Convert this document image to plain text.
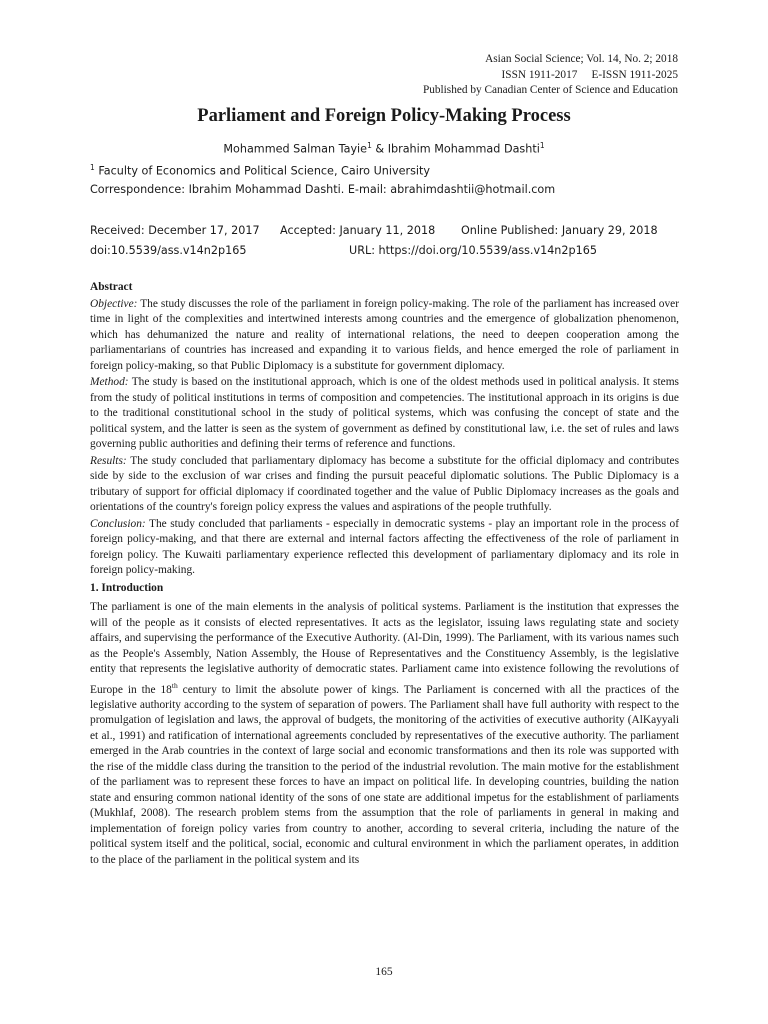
Asian Social Science; Vol. 14, No. 2; 2018
ISSN 1911-2017     E-ISSN 1911-2025
Published by Canadian Center of Science and Education
Parliament and Foreign Policy-Making Process
Mohammed Salman Tayie$^1$ & Ibrahim Mohammad Dashti$^1$
$^1$ Faculty of Economics and Political Science, Cairo University
Correspondence: Ibrahim Mohammad Dashti. E-mail: abrahimdashtii@hotmail.com
Received: December 17, 2017 Accepted: January 11, 2018 Online Published: January 29, 2018
doi:10.5539/ass.v14n2p165	URL: https://doi.org/10.5539/ass.v14n2p165

Abstract

Objective: The study discusses the role of the parliament in foreign policy-making. The role of the parliament has increased over time in light of the complexities and intertwined interests among countries and the emergence of globalization phenomenon, which has dehumanized the nature and reality of international relations, the need to deepen cooperation among the parliamentarians of countries has increased and expanding it to various fields, and hence emerged the role of parliament in foreign policy-making, so that Public Diplomacy is a substitute for government diplomacy.

Method: The study is based on the institutional approach, which is one of the oldest methods used in political analysis. It stems from the study of political institutions in terms of composition and competencies. The institutional approach in its origins is due to the traditional constitutional school in the study of political systems, which was confusing the concept of state and the political system, and the latter is seen as the system of government as defined by constitutional law, i.e. the set of rules and laws governing public authorities and defining their terms of reference and functions.

Results: The study concluded that parliamentary diplomacy has become a substitute for the official diplomacy and contributes side by side to the exclusion of war crises and finding the pursuit peaceful diplomatic solutions. The Public Diplomacy is a tributary of support for official diplomacy if coordinated together and the value of Public Diplomacy increases as the goals and orientations of the country's foreign policy express the values and aspirations of the people truthfully.

Conclusion: The study concluded that parliaments - especially in democratic systems - play an important role in the process of foreign policy-making, and that there are external and internal factors affecting the effectiveness of the role of parliament in foreign policy. The Kuwaiti parliamentary experience reflected this development of parliamentary diplomacy and its role in foreign policy-making.

1. Introduction

The parliament is one of the main elements in the analysis of political systems. Parliament is the institution that expresses the will of the people as it consists of elected representatives. It acts as the legislator, issuing laws regulating state and society affairs, and supervising the performance of the Executive Authority. (Al-Din, 1999). The Parliament, with its various names such as the People's Assembly, Nation Assembly, the House of Representatives and the Constituency Assembly, is the legislative entity that represents the legislative authority of democratic states. Parliament came into existence following the revolutions of Europe in the 18th century to limit the absolute power of kings. The Parliament is concerned with all the practices of the legislative authority according to the system of separation of powers. The Parliament shall have full authority with respect to the promulgation of legislation and laws, the approval of budgets, the monitoring of the activities of executive authority (AlKayyali et al., 1991) and ratification of international agreements concluded by representatives of the executive authority. The parliament emerged in the Arab countries in the context of large social and economic transformations and then its role was supported with the rise of the middle class during the transition to the period of the industrial revolution. The main motive for the establishment of the parliament was to represent these forces to have an impact on political life. In developing countries, building the nation state and ensuring common national identity of the sons of one state are additional impetus for the establishment of parliaments (Mukhlaf, 2008). The research problem stems from the assumption that the role of parliaments in general in making and implementation of foreign policy varies from country to another, according to several criteria, including the nature of the political system itself and the political, social, economic and cultural environment in which the parliament operates, in addition to the place of the parliament in the political system and its

165
